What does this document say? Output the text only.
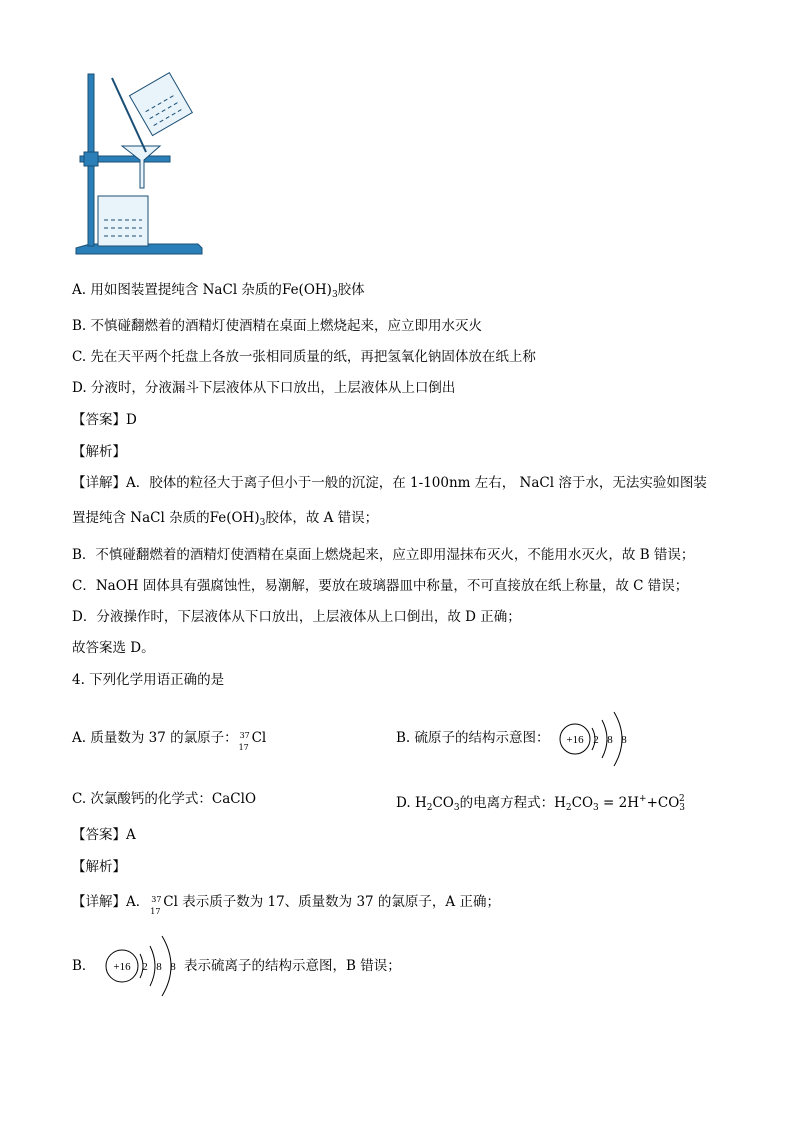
A. 用如图装置提纯含 NaCl 杂质的$Fe(OH)_3$胶体
B. 不慎碰翻燃着的酒精灯使酒精在桌面上燃烧起来，应立即用水灭火
C. 先在天平两个托盘上各放一张相同质量的纸，再把氢氧化钠固体放在纸上称
D. 分液时，分液漏斗下层液体从下口放出，上层液体从上口倒出
【答案】D
【解析】
【详解】A．胶体的粒径大于离子但小于一般的沉淀，在 1-100nm 左右， NaCl 溶于水，无法实验如图装
置提纯含 NaCl 杂质的$Fe(OH)_3$胶体，故 A 错误；
B．不慎碰翻燃着的酒精灯使酒精在桌面上燃烧起来，应立即用湿抹布灭火，不能用水灭火，故 B 错误；
C．NaOH 固体具有强腐蚀性，易潮解，要放在玻璃器皿中称量，不可直接放在纸上称量，故 C 错误；
D．分液操作时，下层液体从下口放出，上层液体从上口倒出，故 D 正确；
故答案选 D。
4. 下列化学用语正确的是
A. 质量数为 37 的氯原子： 37
17
Cl	B. 硫原子的结构示意图： +16 2 8 8
C. 次氯酸钙的化学式：CaClO	D. $H_2CO_3$的电离方程式：$H_2CO_3 = 2H^++CO_3^2$
【答案】A
【解析】
【详解】A． 37
17
Cl 表示质子数为 17、质量数为 37 的氯原子，A 正确；
B． +16 2 8 8 表示硫离子的结构示意图，B 错误；
